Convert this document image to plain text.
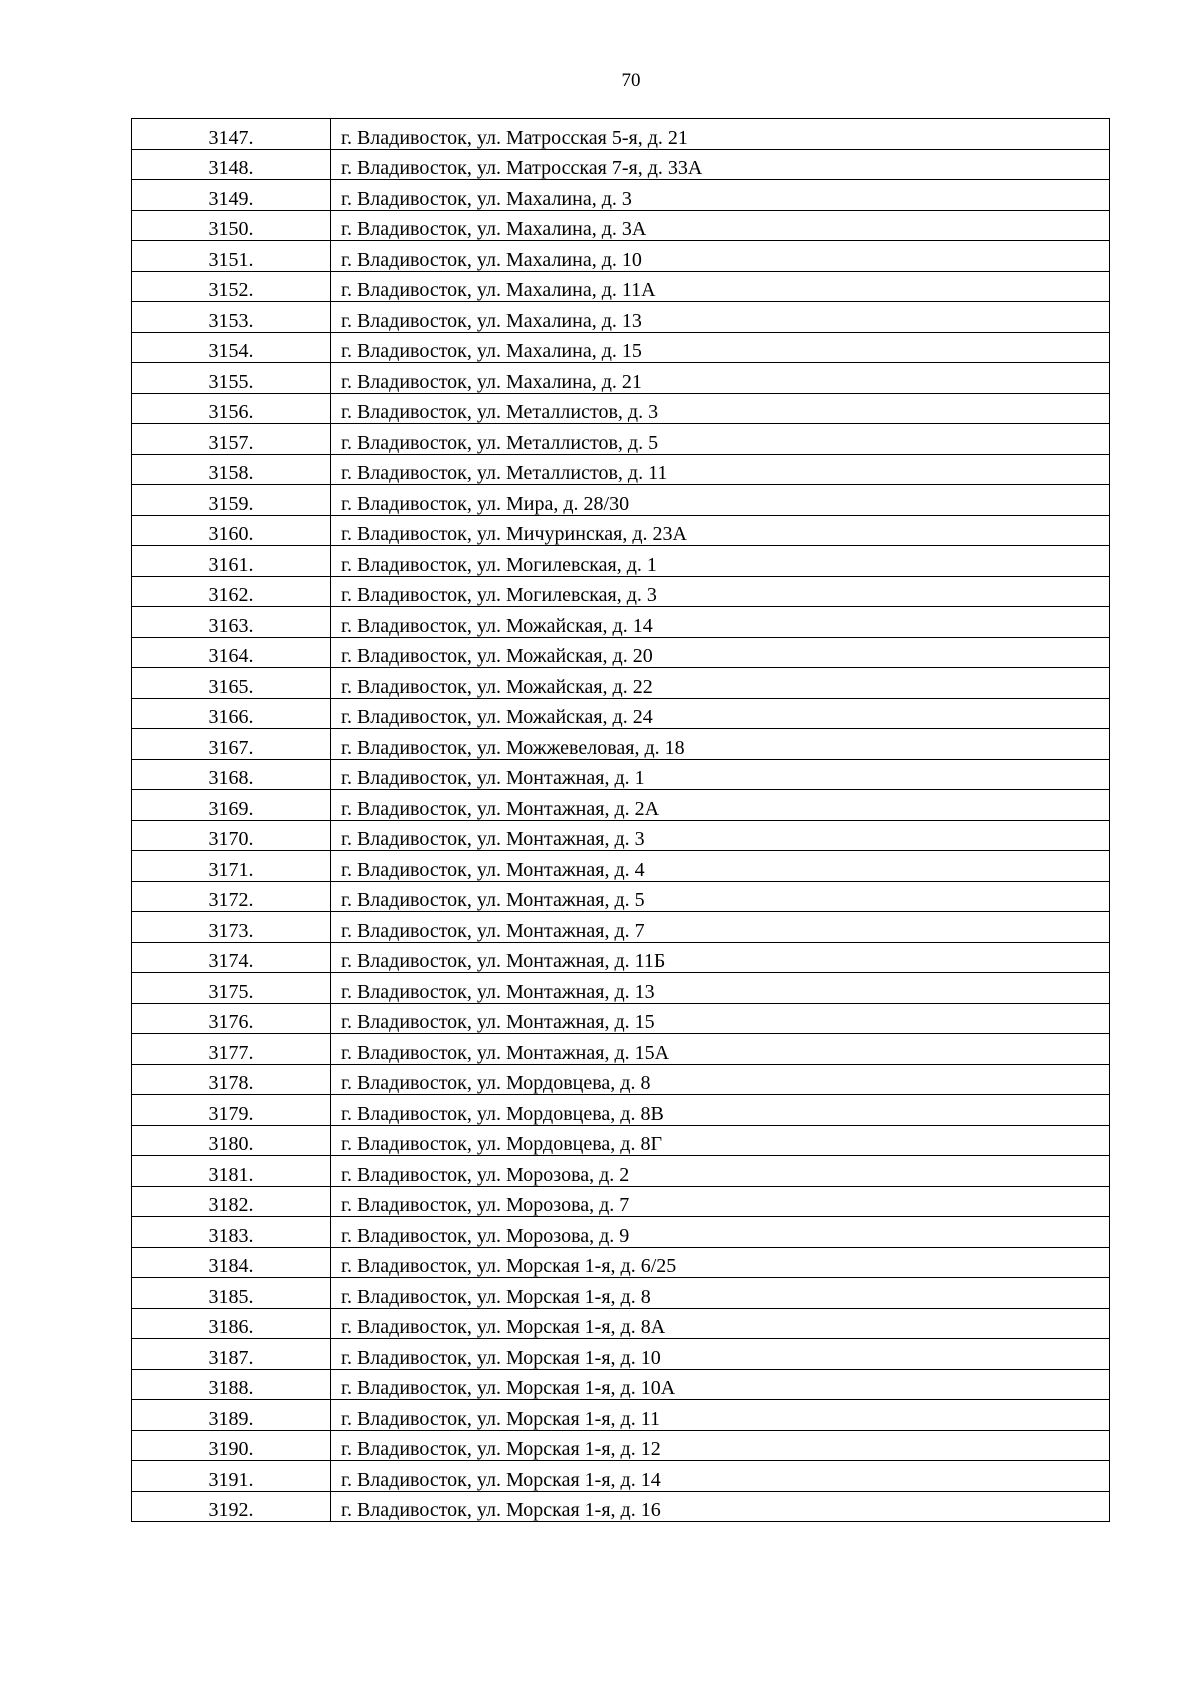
70
3147.	г. Владивосток, ул. Матросская 5-я, д. 21
3148.	г. Владивосток, ул. Матросская 7-я, д. 33А
3149.	г. Владивосток, ул. Махалина, д. 3
3150.	г. Владивосток, ул. Махалина, д. 3А
3151.	г. Владивосток, ул. Махалина, д. 10
3152.	г. Владивосток, ул. Махалина, д. 11А
3153.	г. Владивосток, ул. Махалина, д. 13
3154.	г. Владивосток, ул. Махалина, д. 15
3155.	г. Владивосток, ул. Махалина, д. 21
3156.	г. Владивосток, ул. Металлистов, д. 3
3157.	г. Владивосток, ул. Металлистов, д. 5
3158.	г. Владивосток, ул. Металлистов, д. 11
3159.	г. Владивосток, ул. Мира, д. 28/30
3160.	г. Владивосток, ул. Мичуринская, д. 23А
3161.	г. Владивосток, ул. Могилевская, д. 1
3162.	г. Владивосток, ул. Могилевская, д. 3
3163.	г. Владивосток, ул. Можайская, д. 14
3164.	г. Владивосток, ул. Можайская, д. 20
3165.	г. Владивосток, ул. Можайская, д. 22
3166.	г. Владивосток, ул. Можайская, д. 24
3167.	г. Владивосток, ул. Можжевеловая, д. 18
3168.	г. Владивосток, ул. Монтажная, д. 1
3169.	г. Владивосток, ул. Монтажная, д. 2А
3170.	г. Владивосток, ул. Монтажная, д. 3
3171.	г. Владивосток, ул. Монтажная, д. 4
3172.	г. Владивосток, ул. Монтажная, д. 5
3173.	г. Владивосток, ул. Монтажная, д. 7
3174.	г. Владивосток, ул. Монтажная, д. 11Б
3175.	г. Владивосток, ул. Монтажная, д. 13
3176.	г. Владивосток, ул. Монтажная, д. 15
3177.	г. Владивосток, ул. Монтажная, д. 15А
3178.	г. Владивосток, ул. Мордовцева, д. 8
3179.	г. Владивосток, ул. Мордовцева, д. 8В
3180.	г. Владивосток, ул. Мордовцева, д. 8Г
3181.	г. Владивосток, ул. Морозова, д. 2
3182.	г. Владивосток, ул. Морозова, д. 7
3183.	г. Владивосток, ул. Морозова, д. 9
3184.	г. Владивосток, ул. Морская 1-я, д. 6/25
3185.	г. Владивосток, ул. Морская 1-я, д. 8
3186.	г. Владивосток, ул. Морская 1-я, д. 8А
3187.	г. Владивосток, ул. Морская 1-я, д. 10
3188.	г. Владивосток, ул. Морская 1-я, д. 10А
3189.	г. Владивосток, ул. Морская 1-я, д. 11
3190.	г. Владивосток, ул. Морская 1-я, д. 12
3191.	г. Владивосток, ул. Морская 1-я, д. 14
3192.	г. Владивосток, ул. Морская 1-я, д. 16
